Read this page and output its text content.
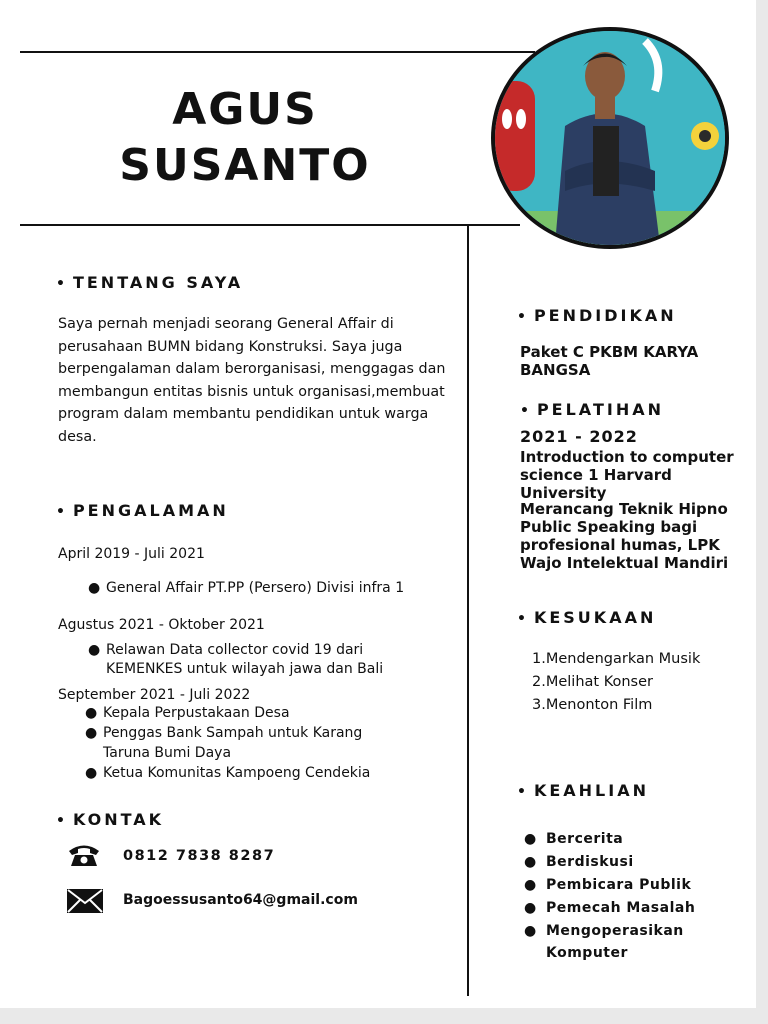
AGUS
SUSANTO
• TENTANG SAYA
Saya pernah menjadi seorang General Affair di
perusahaan BUMN bidang Konstruksi. Saya juga
berpengalaman dalam berorganisasi, menggagas dan
membangun entitas bisnis untuk organisasi,membuat
program dalam membantu pendidikan untuk warga
desa.
• PENGALAMAN
April 2019 - Juli 2021
● General Affair PT.PP (Persero) Divisi infra 1
Agustus 2021 - Oktober 2021
● Relawan Data collector covid 19 dari
KEMENKES untuk wilayah jawa dan Bali
September 2021 - Juli 2022
● Kepala Perpustakaan Desa
● Penggas Bank Sampah untuk Karang
Taruna Bumi Daya
● Ketua Komunitas Kampoeng Cendekia
• KONTAK
0812 7838 8287
Bagoessusanto64@gmail.com
• PENDIDIKAN
Paket C PKBM KARYA
BANGSA
• PELATIHAN
2021 - 2022
Introduction to computer
science 1 Harvard University
Merancang Teknik Hipno
Public Speaking bagi
profesional humas, LPK
Wajo Intelektual Mandiri
• KESUKAAN
1.Mendengarkan Musik
2.Melihat Konser
3.Menonton Film
• KEAHLIAN
● Bercerita
● Berdiskusi
● Pembicara Publik
● Pemecah Masalah
● Mengoperasikan
Komputer
